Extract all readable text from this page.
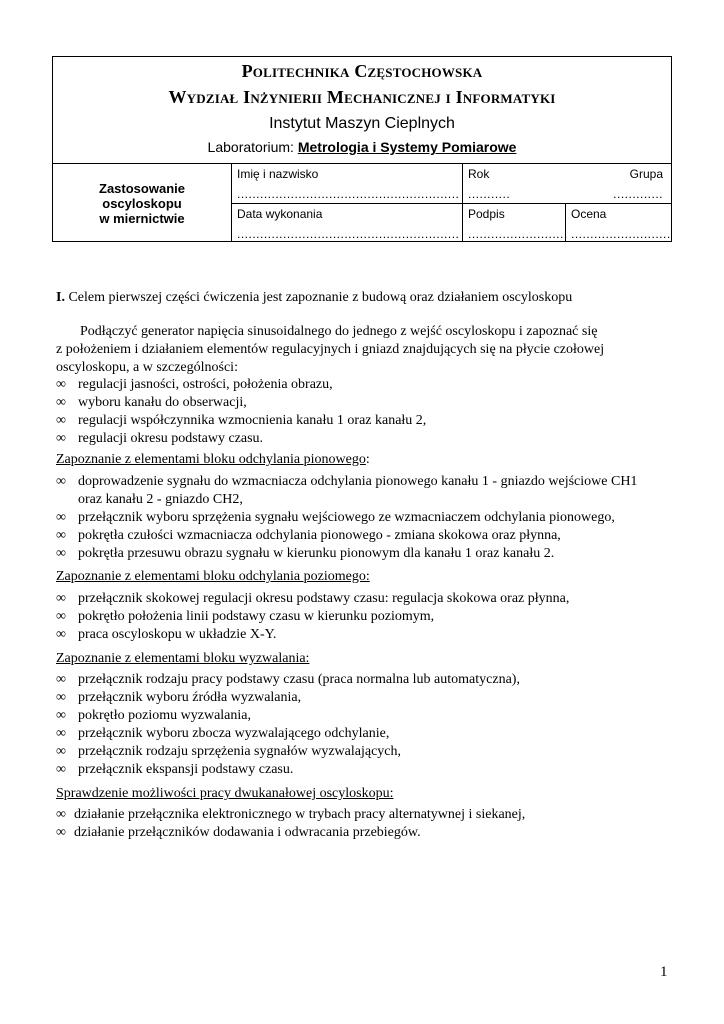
Politechnika Częstochowska
Wydział Inżynierii Mechanicznej i Informatyki
Instytut Maszyn Cieplnych
Laboratorium: Metrologia i Systemy Pomiarowe
Zastosowanie
oscyloskopu
w miernictwie
Imię i nazwisko
..........................................................
Rok
...........
Grupa
.............
Data wykonania
..........................................................
Podpis
..........................
Ocena
..........................
I. Celem pierwszej części ćwiczenia jest zapoznanie z budową oraz działaniem oscyloskopu
Podłączyć generator napięcia sinusoidalnego do jednego z wejść oscyloskopu i zapoznać się
z położeniem i działaniem elementów regulacyjnych i gniazd znajdujących się na płycie czołowej
oscyloskopu, a w szczególności:
∞ regulacji jasności, ostrości, położenia obrazu,
∞ wyboru kanału do obserwacji,
∞ regulacji współczynnika wzmocnienia kanału 1 oraz kanału 2,
∞ regulacji okresu podstawy czasu.
Zapoznanie z elementami bloku odchylania pionowego:
∞ doprowadzenie sygnału do wzmacniacza odchylania pionowego kanału 1 - gniazdo wejściowe CH1
oraz kanału 2 - gniazdo CH2,
∞ przełącznik wyboru sprzężenia sygnału wejściowego ze wzmacniaczem odchylania pionowego,
∞ pokrętła czułości wzmacniacza odchylania pionowego - zmiana skokowa oraz płynna,
∞ pokrętła przesuwu obrazu sygnału w kierunku pionowym dla kanału 1 oraz kanału 2.
Zapoznanie z elementami bloku odchylania poziomego:
∞ przełącznik skokowej regulacji okresu podstawy czasu: regulacja skokowa oraz płynna,
∞ pokrętło położenia linii podstawy czasu w kierunku poziomym,
∞ praca oscyloskopu w układzie X-Y.
Zapoznanie z elementami bloku wyzwalania:
∞ przełącznik rodzaju pracy podstawy czasu (praca normalna lub automatyczna),
∞ przełącznik wyboru źródła wyzwalania,
∞ pokrętło poziomu wyzwalania,
∞ przełącznik wyboru zbocza wyzwalającego odchylanie,
∞ przełącznik rodzaju sprzężenia sygnałów wyzwalających,
∞ przełącznik ekspansji podstawy czasu.
Sprawdzenie możliwości pracy dwukanałowej oscyloskopu:
∞ działanie przełącznika elektronicznego w trybach pracy alternatywnej i siekanej,
∞ działanie przełączników dodawania i odwracania przebiegów.
1
